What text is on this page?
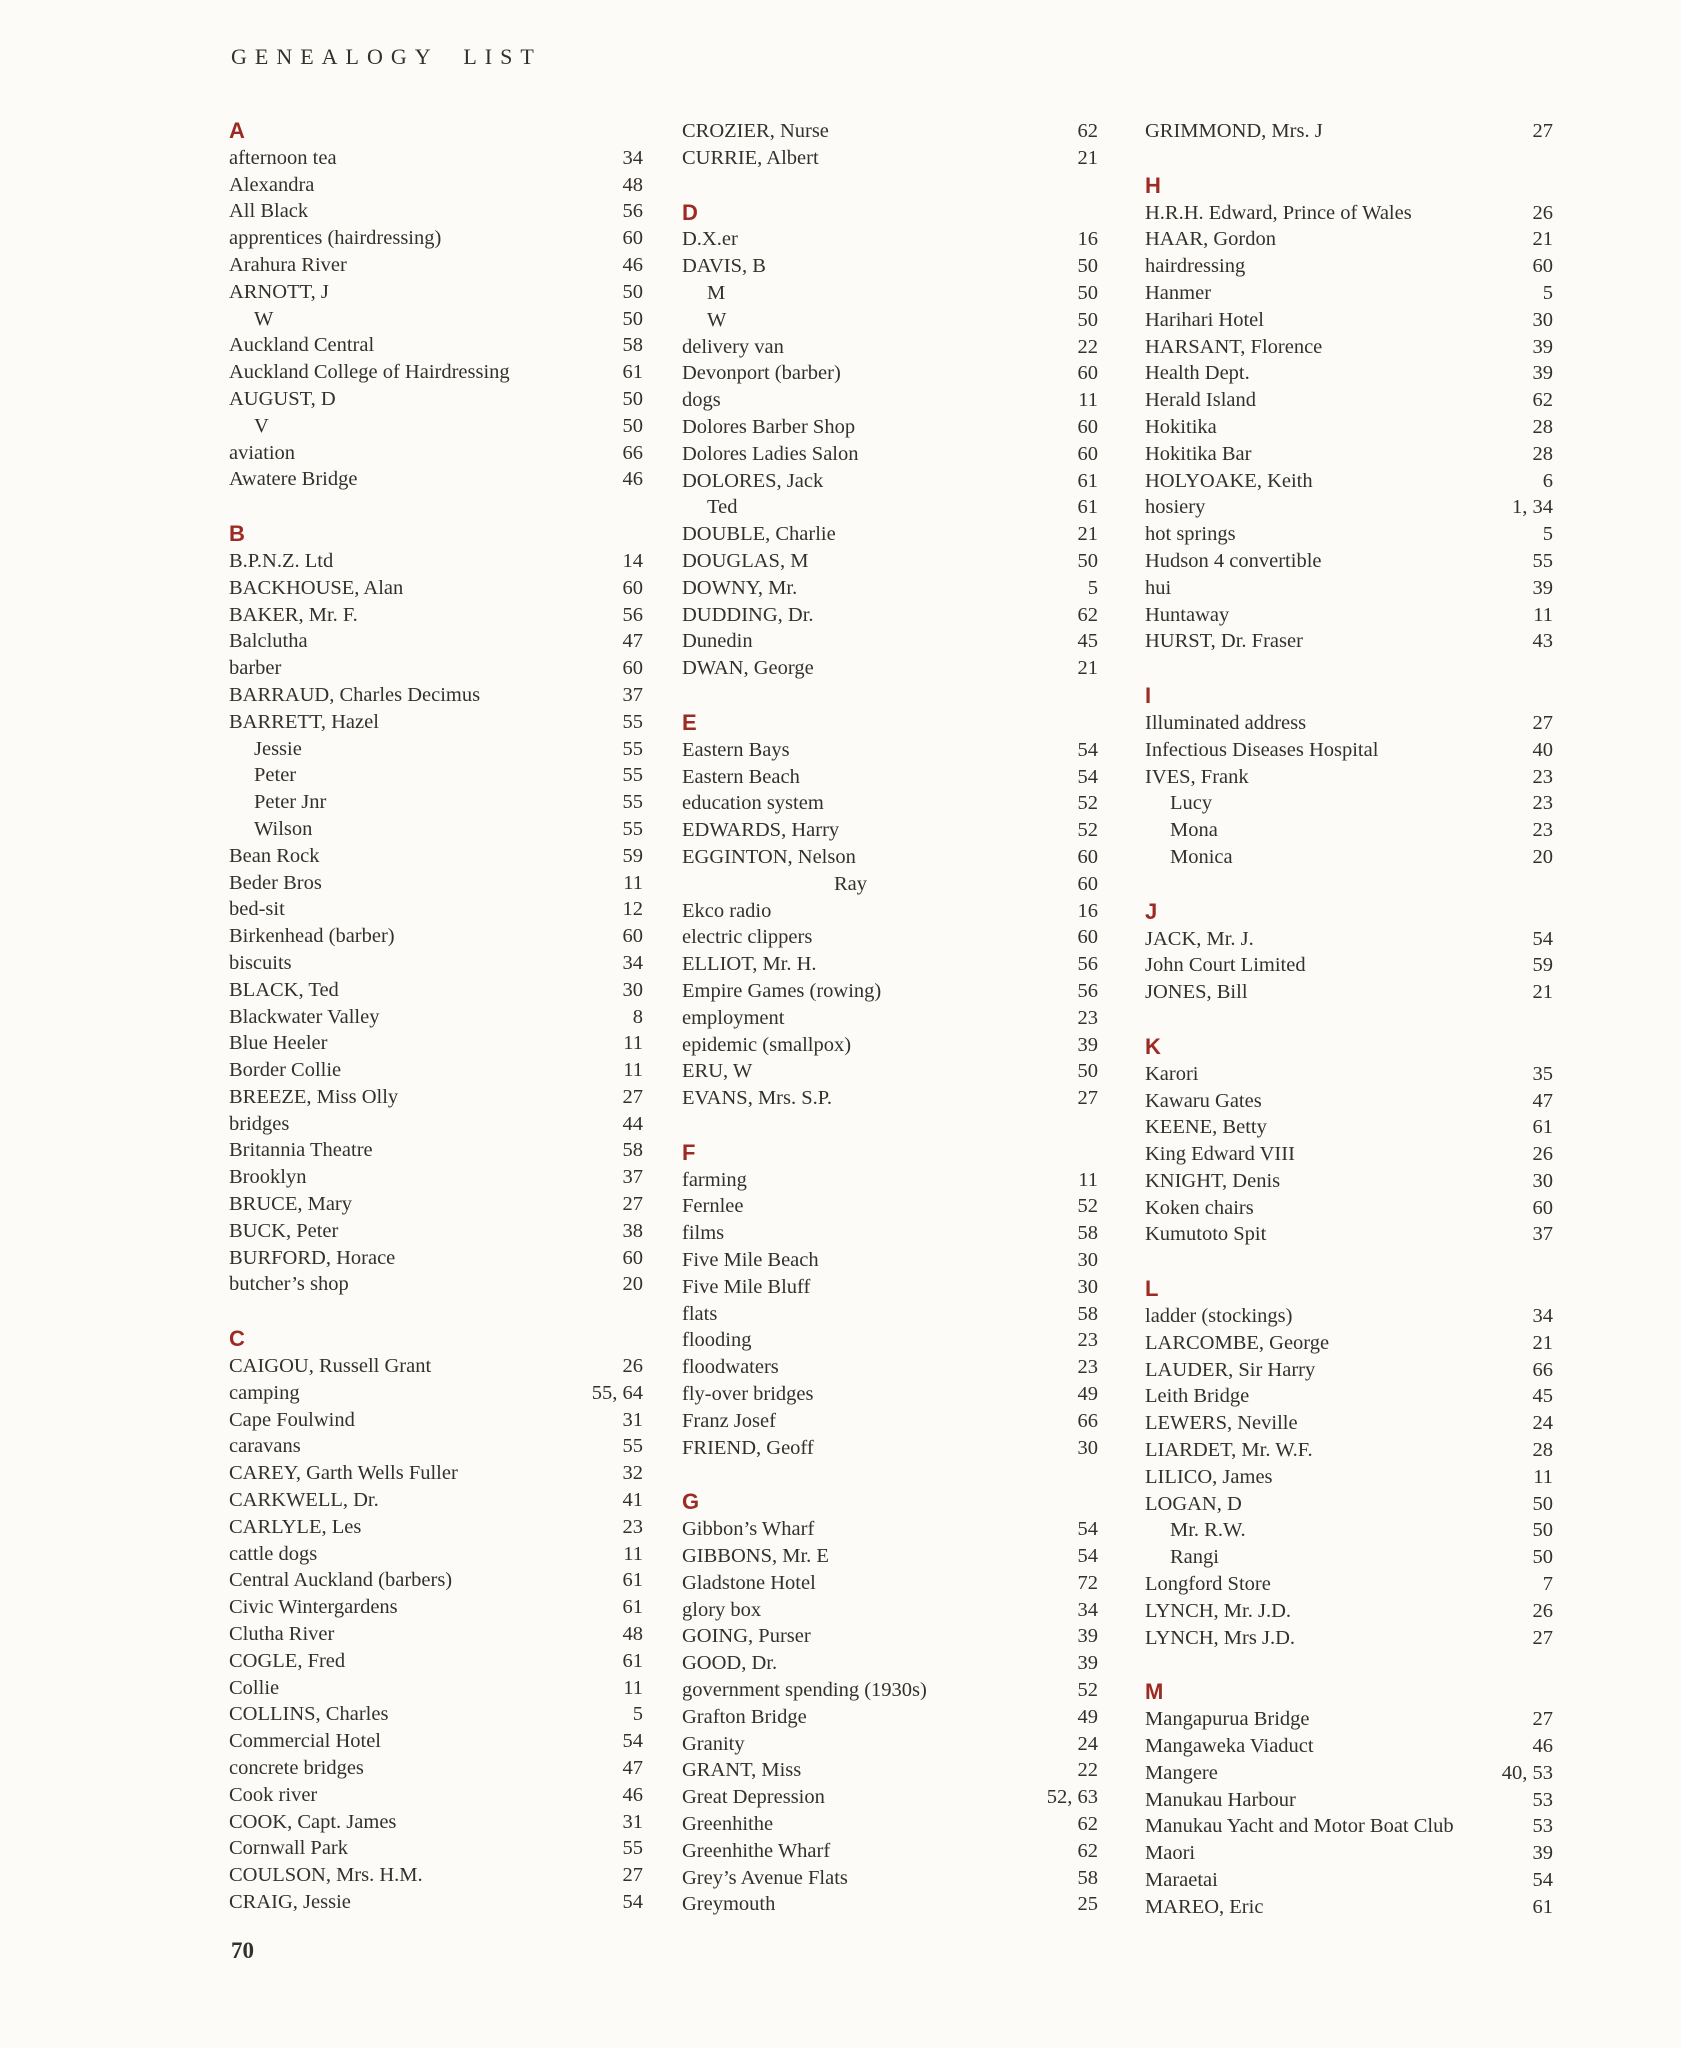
GENEALOGY LIST
A
afternoon tea	34
Alexandra	48
All Black	56
apprentices (hairdressing)	60
Arahura River	46
ARNOTT, J	50
W	50
Auckland Central	58
Auckland College of Hairdressing	61
AUGUST, D	50
V	50
aviation	66
Awatere Bridge	46
B
B.P.N.Z. Ltd	14
BACKHOUSE, Alan	60
BAKER, Mr. F.	56
Balclutha	47
barber	60
BARRAUD, Charles Decimus	37
BARRETT, Hazel	55
Jessie	55
Peter	55
Peter Jnr	55
Wilson	55
Bean Rock	59
Beder Bros	11
bed-sit	12
Birkenhead (barber)	60
biscuits	34
BLACK, Ted	30
Blackwater Valley	8
Blue Heeler	11
Border Collie	11
BREEZE, Miss Olly	27
bridges	44
Britannia Theatre	58
Brooklyn	37
BRUCE, Mary	27
BUCK, Peter	38
BURFORD, Horace	60
butcher’s shop	20
C
CAIGOU, Russell Grant	26
camping	55, 64
Cape Foulwind	31
caravans	55
CAREY, Garth Wells Fuller	32
CARKWELL, Dr.	41
CARLYLE, Les	23
cattle dogs	11
Central Auckland (barbers)	61
Civic Wintergardens	61
Clutha River	48
COGLE, Fred	61
Collie	11
COLLINS, Charles	5
Commercial Hotel	54
concrete bridges	47
Cook river	46
COOK, Capt. James	31
Cornwall Park	55
COULSON, Mrs. H.M.	27
CRAIG, Jessie	54
CROZIER, Nurse	62
CURRIE, Albert	21
D
D.X.er	16
DAVIS, B	50
M	50
W	50
delivery van	22
Devonport (barber)	60
dogs	11
Dolores Barber Shop	60
Dolores Ladies Salon	60
DOLORES, Jack	61
Ted	61
DOUBLE, Charlie	21
DOUGLAS, M	50
DOWNY, Mr.	5
DUDDING, Dr.	62
Dunedin	45
DWAN, George	21
E
Eastern Bays	54
Eastern Beach	54
education system	52
EDWARDS, Harry	52
EGGINTON, Nelson	60
Ray	60
Ekco radio	16
electric clippers	60
ELLIOT, Mr. H.	56
Empire Games (rowing)	56
employment	23
epidemic (smallpox)	39
ERU, W	50
EVANS, Mrs. S.P.	27
F
farming	11
Fernlee	52
films	58
Five Mile Beach	30
Five Mile Bluff	30
flats	58
flooding	23
floodwaters	23
fly-over bridges	49
Franz Josef	66
FRIEND, Geoff	30
G
Gibbon’s Wharf	54
GIBBONS, Mr. E	54
Gladstone Hotel	72
glory box	34
GOING, Purser	39
GOOD, Dr.	39
government spending (1930s)	52
Grafton Bridge	49
Granity	24
GRANT, Miss	22
Great Depression	52, 63
Greenhithe	62
Greenhithe Wharf	62
Grey’s Avenue Flats	58
Greymouth	25
GRIMMOND, Mrs. J	27
H
H.R.H. Edward, Prince of Wales	26
HAAR, Gordon	21
hairdressing	60
Hanmer	5
Harihari Hotel	30
HARSANT, Florence	39
Health Dept.	39
Herald Island	62
Hokitika	28
Hokitika Bar	28
HOLYOAKE, Keith	6
hosiery	1, 34
hot springs	5
Hudson 4 convertible	55
hui	39
Huntaway	11
HURST, Dr. Fraser	43
I
Illuminated address	27
Infectious Diseases Hospital	40
IVES, Frank	23
Lucy	23
Mona	23
Monica	20
J
JACK, Mr. J.	54
John Court Limited	59
JONES, Bill	21
K
Karori	35
Kawaru Gates	47
KEENE, Betty	61
King Edward VIII	26
KNIGHT, Denis	30
Koken chairs	60
Kumutoto Spit	37
L
ladder (stockings)	34
LARCOMBE, George	21
LAUDER, Sir Harry	66
Leith Bridge	45
LEWERS, Neville	24
LIARDET, Mr. W.F.	28
LILICO, James	11
LOGAN, D	50
Mr. R.W.	50
Rangi	50
Longford Store	7
LYNCH, Mr. J.D.	26
LYNCH, Mrs J.D.	27
M
Mangapurua Bridge	27
Mangaweka Viaduct	46
Mangere	40, 53
Manukau Harbour	53
Manukau Yacht and Motor Boat Club	53
Maori	39
Maraetai	54
MAREO, Eric	61
70
